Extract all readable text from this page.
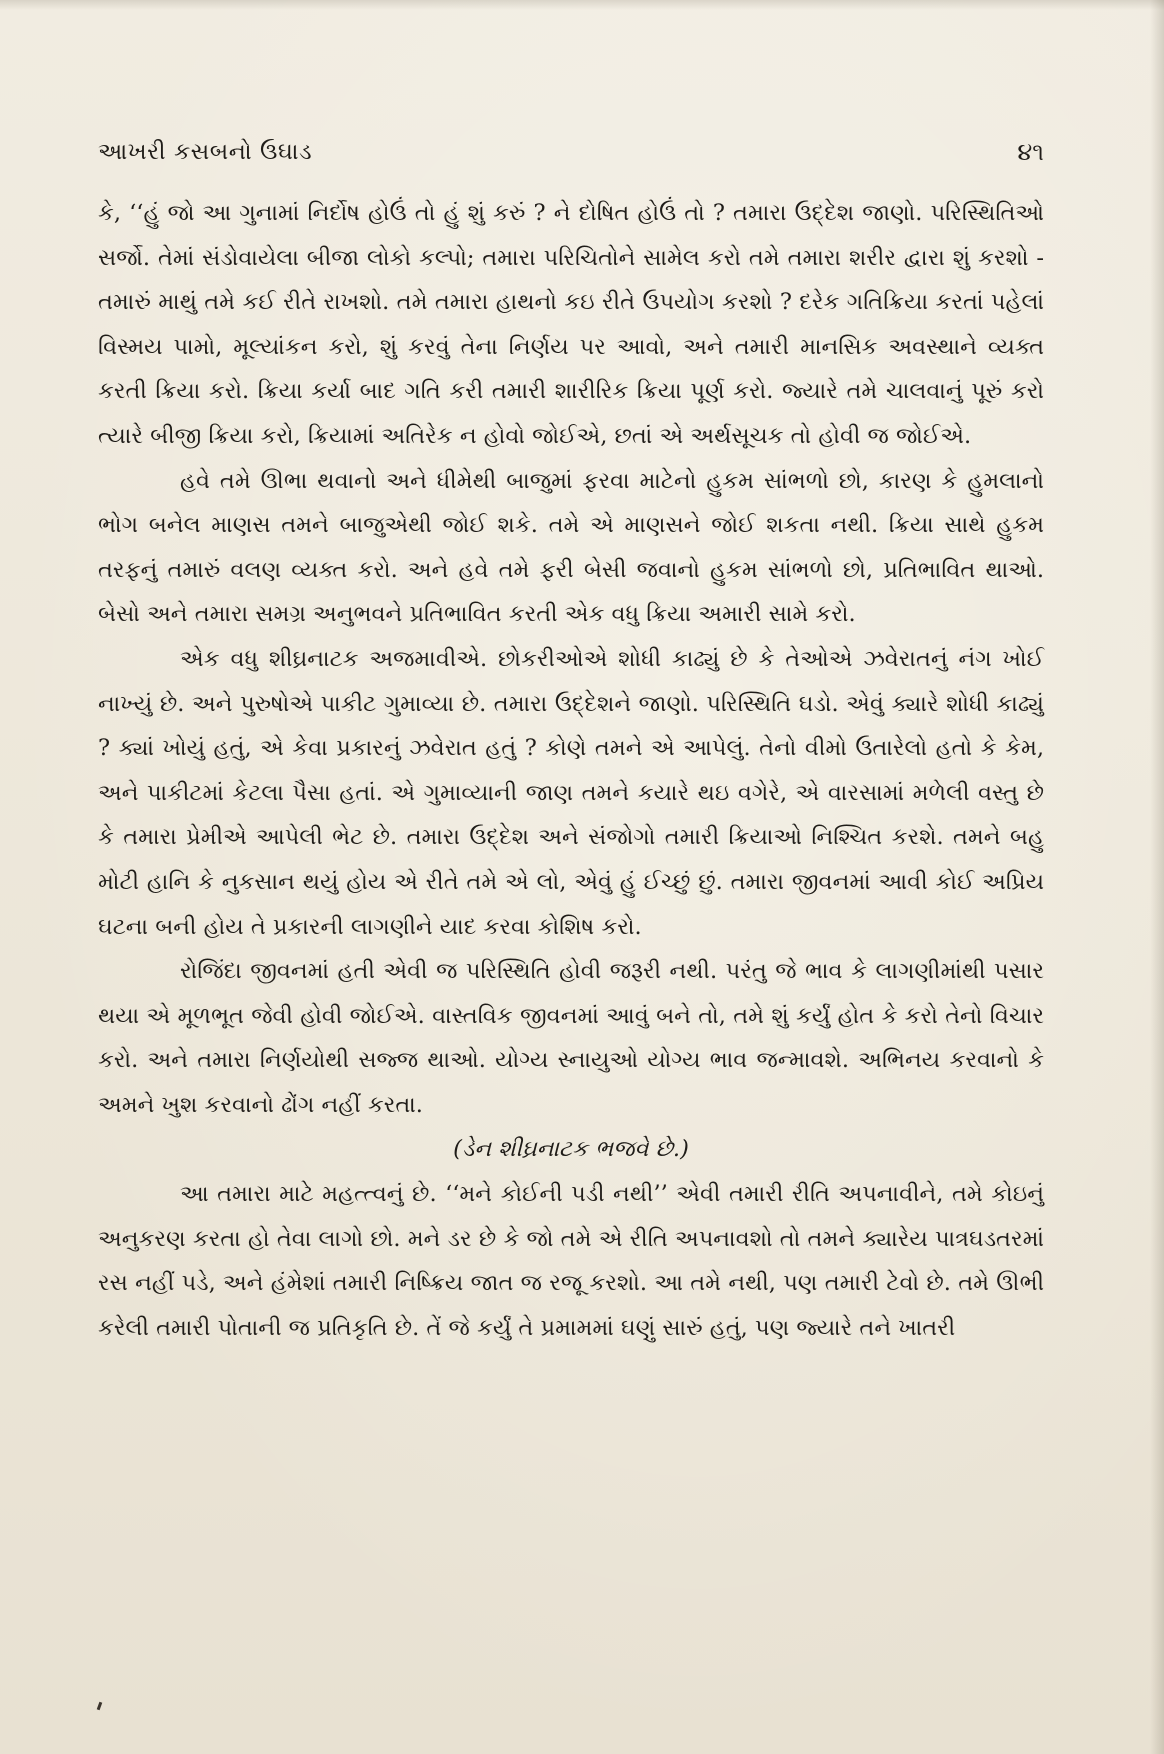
આખરી કસબનો ઉઘાડ	૪૧

કે, ‘‘હું જો આ ગુનામાં નિર્દોષ હોઉં તો હું શું કરું ? ને દોષિત હોઉં તો ? તમારા ઉદ્દેશ જાણો. પરિસ્થિતિઓ સર્જો. તેમાં સંડોવાયેલા બીજા લોકો કલ્પો; તમારા પરિચિતોને સામેલ કરો તમે તમારા શરીર દ્વારા શું કરશો - તમારું માથું તમે કઈ રીતે રાખશો. તમે તમારા હાથનો કઇ રીતે ઉપયોગ કરશો ? દરેક ગતિક્રિયા કરતાં પહેલાં વિસ્મય પામો, મૂલ્યાંકન કરો, શું કરવું તેના નિર્ણય પર આવો, અને તમારી માનસિક અવસ્થાને વ્યક્ત કરતી ક્રિયા કરો. ક્રિયા કર્યા બાદ ગતિ કરી તમારી શારીરિક ક્રિયા પૂર્ણ કરો. જ્યારે તમે ચાલવાનું પૂરું કરો ત્યારે બીજી ક્રિયા કરો, ક્રિયામાં અતિરેક ન હોવો જોઈએ, છતાં એ અર્થસૂચક તો હોવી જ જોઈએ.

હવે તમે ઊભા થવાનો અને ધીમેથી બાજુમાં ફરવા માટેનો હુકમ સાંભળો છો, કારણ કે હુમલાનો ભોગ બનેલ માણસ તમને બાજુએથી જોઈ શકે. તમે એ માણસને જોઈ શકતા નથી. ક્રિયા સાથે હુકમ તરફનું તમારું વલણ વ્યક્ત કરો. અને હવે તમે ફરી બેસી જવાનો હુકમ સાંભળો છો, પ્રતિભાવિત થાઓ. બેસો અને તમારા સમગ્ર અનુભવને પ્રતિભાવિત કરતી એક વધુ ક્રિયા અમારી સામે કરો.

એક વધુ શીઘ્રનાટક અજમાવીએ. છોકરીઓએ શોધી કાઢ્યું છે કે તેઓએ ઝવેરાતનું નંગ ખોઈ નાખ્યું છે. અને પુરુષોએ પાકીટ ગુમાવ્યા છે. તમારા ઉદ્દેશને જાણો. પરિસ્થિતિ ઘડો. એવું ક્યારે શોધી કાઢ્યું ? ક્યાં ખોયું હતું, એ કેવા પ્રકારનું ઝવેરાત હતું ? કોણે તમને એ આપેલું. તેનો વીમો ઉતારેલો હતો કે કેમ, અને પાકીટમાં કેટલા પૈસા હતાં. એ ગુમાવ્યાની જાણ તમને કયારે થઇ વગેરે, એ વારસામાં મળેલી વસ્તુ છે કે તમારા પ્રેમીએ આપેલી ભેટ છે. તમારા ઉદ્દેશ અને સંજોગો તમારી ક્રિયાઓ નિશ્ચિત કરશે. તમને બહુ મોટી હાનિ કે નુકસાન થયું હોય એ રીતે તમે એ લો, એવું હું ઈચ્છું છું. તમારા જીવનમાં આવી કોઈ અપ્રિય ઘટના બની હોય તે પ્રકારની લાગણીને યાદ કરવા કોશિષ કરો.

રોજિંદા જીવનમાં હતી એવી જ પરિસ્થિતિ હોવી જરૂરી નથી. પરંતુ જે ભાવ કે લાગણીમાંથી પસાર થયા એ મૂળભૂત જેવી હોવી જોઈએ. વાસ્તવિક જીવનમાં આવું બને તો, તમે શું કર્યું હોત કે કરો તેનો વિચાર કરો. અને તમારા નિર્ણયોથી સજ્જ થાઓ. યોગ્ય સ્નાયુઓ યોગ્ય ભાવ જન્માવશે. અભિનય કરવાનો કે અમને ખુશ કરવાનો ઢોંગ નહીં કરતા.

(ડેન શીઘ્રનાટક ભજવે છે.)

આ તમારા માટે મહત્ત્વનું છે. ‘‘મને કોઈની પડી નથી’’ એવી તમારી રીતિ અપનાવીને, તમે કોઇનું અનુકરણ કરતા હો તેવા લાગો છો. મને ડર છે કે જો તમે એ રીતિ અપનાવશો તો તમને ક્યારેય પાત્રઘડતરમાં રસ નહીં પડે, અને હંમેશાં તમારી નિષ્ક્રિય જાત જ રજૂ કરશો. આ તમે નથી, પણ તમારી ટેવો છે. તમે ઊભી કરેલી તમારી પોતાની જ પ્રતિકૃતિ છે. તેં જે કર્યું તે પ્રમામમાં ઘણું સારું હતું, પણ જ્યારે તને ખાતરી
